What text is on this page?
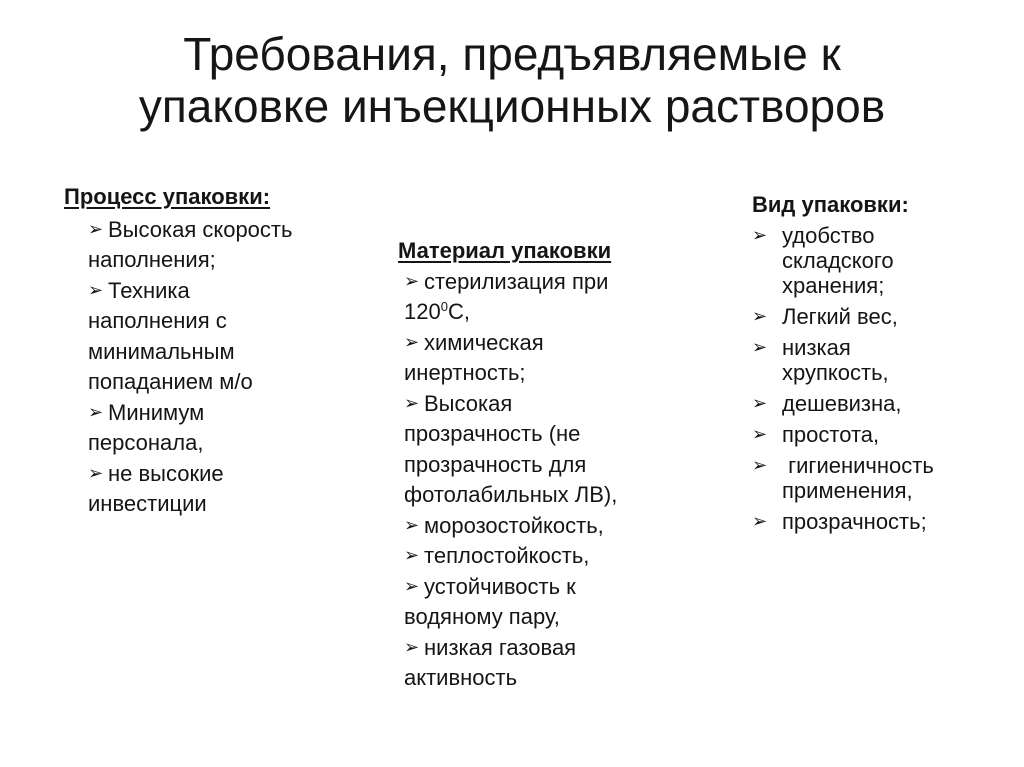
Требования, предъявляемые к
упаковке инъекционных растворов
Процесс упаковки:
➢ Высокая скорость
наполнения;
➢ Техника
наполнения с
минимальным
попаданием м/о
➢ Минимум
персонала,
➢ не высокие
инвестиции
Материал упаковки
➢ стерилизация при
$120^0С$,
➢ химическая
инертность;
➢ Высокая
прозрачность (не
прозрачность для
фотолабильных ЛВ),
➢ морозостойкость,
➢ теплостойкость,
➢ устойчивость к
водяному пару,
➢ низкая газовая
активность
Вид упаковки:
➢ удобство
складского
хранения;
➢ Легкий вес,
➢ низкая
хрупкость,
➢ дешевизна,
➢ простота,
➢ гигиеничность
применения,
➢ прозрачность;
